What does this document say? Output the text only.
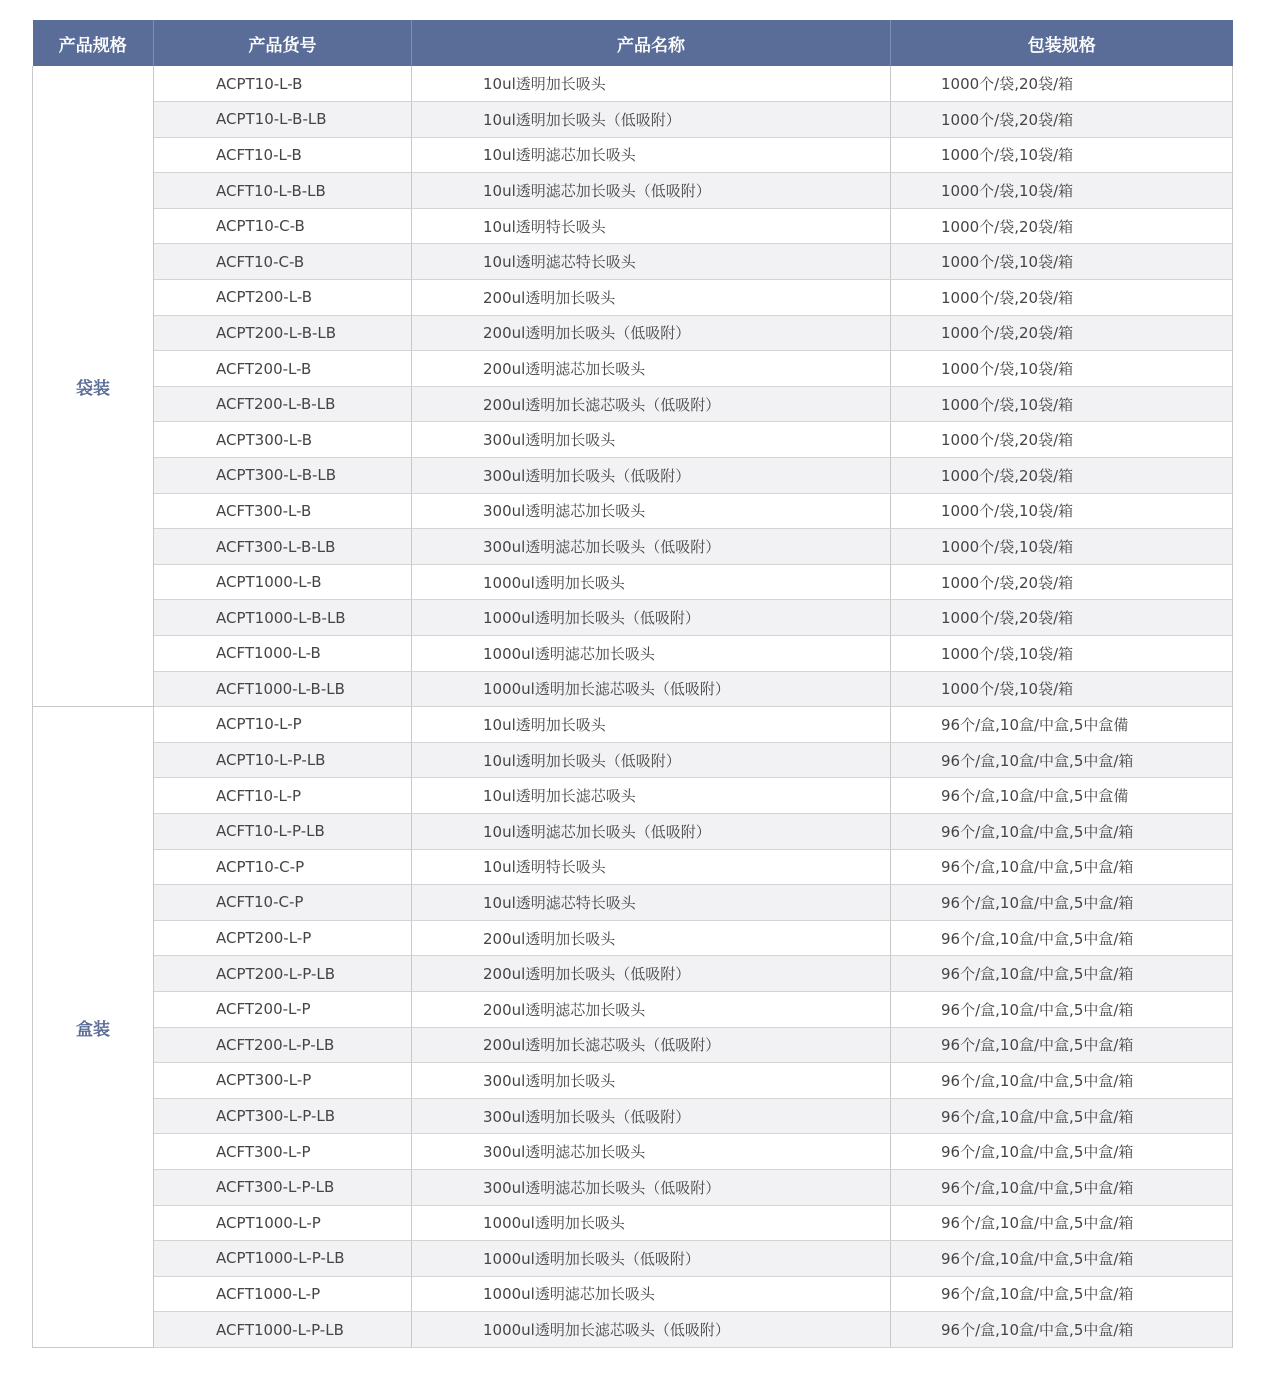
产品规格	产品货号	产品名称	包装规格
袋装	ACPT10-L-B	10ul透明加长吸头	1000个/袋,20袋/箱
	ACPT10-L-B-LB	10ul透明加长吸头（低吸附）	1000个/袋,20袋/箱
	ACFT10-L-B	10ul透明滤芯加长吸头	1000个/袋,10袋/箱
	ACFT10-L-B-LB	10ul透明滤芯加长吸头（低吸附）	1000个/袋,10袋/箱
	ACPT10-C-B	10ul透明特长吸头	1000个/袋,20袋/箱
	ACFT10-C-B	10ul透明滤芯特长吸头	1000个/袋,10袋/箱
	ACPT200-L-B	200ul透明加长吸头	1000个/袋,20袋/箱
	ACPT200-L-B-LB	200ul透明加长吸头（低吸附）	1000个/袋,20袋/箱
	ACFT200-L-B	200ul透明滤芯加长吸头	1000个/袋,10袋/箱
	ACFT200-L-B-LB	200ul透明加长滤芯吸头（低吸附）	1000个/袋,10袋/箱
	ACPT300-L-B	300ul透明加长吸头	1000个/袋,20袋/箱
	ACPT300-L-B-LB	300ul透明加长吸头（低吸附）	1000个/袋,20袋/箱
	ACFT300-L-B	300ul透明滤芯加长吸头	1000个/袋,10袋/箱
	ACFT300-L-B-LB	300ul透明滤芯加长吸头（低吸附）	1000个/袋,10袋/箱
	ACPT1000-L-B	1000ul透明加长吸头	1000个/袋,20袋/箱
	ACPT1000-L-B-LB	1000ul透明加长吸头（低吸附）	1000个/袋,20袋/箱
	ACFT1000-L-B	1000ul透明滤芯加长吸头	1000个/袋,10袋/箱
	ACFT1000-L-B-LB	1000ul透明加长滤芯吸头（低吸附）	1000个/袋,10袋/箱
盒装	ACPT10-L-P	10ul透明加长吸头	96个/盒,10盒/中盒,5中盒備
	ACPT10-L-P-LB	10ul透明加长吸头（低吸附）	96个/盒,10盒/中盒,5中盒/箱
	ACFT10-L-P	10ul透明加长滤芯吸头	96个/盒,10盒/中盒,5中盒備
	ACFT10-L-P-LB	10ul透明滤芯加长吸头（低吸附）	96个/盒,10盒/中盒,5中盒/箱
	ACPT10-C-P	10ul透明特长吸头	96个/盒,10盒/中盒,5中盒/箱
	ACFT10-C-P	10ul透明滤芯特长吸头	96个/盒,10盒/中盒,5中盒/箱
	ACPT200-L-P	200ul透明加长吸头	96个/盒,10盒/中盒,5中盒/箱
	ACPT200-L-P-LB	200ul透明加长吸头（低吸附）	96个/盒,10盒/中盒,5中盒/箱
	ACFT200-L-P	200ul透明滤芯加长吸头	96个/盒,10盒/中盒,5中盒/箱
	ACFT200-L-P-LB	200ul透明加长滤芯吸头（低吸附）	96个/盒,10盒/中盒,5中盒/箱
	ACPT300-L-P	300ul透明加长吸头	96个/盒,10盒/中盒,5中盒/箱
	ACPT300-L-P-LB	300ul透明加长吸头（低吸附）	96个/盒,10盒/中盒,5中盒/箱
	ACFT300-L-P	300ul透明滤芯加长吸头	96个/盒,10盒/中盒,5中盒/箱
	ACFT300-L-P-LB	300ul透明滤芯加长吸头（低吸附）	96个/盒,10盒/中盒,5中盒/箱
	ACPT1000-L-P	1000ul透明加长吸头	96个/盒,10盒/中盒,5中盒/箱
	ACPT1000-L-P-LB	1000ul透明加长吸头（低吸附）	96个/盒,10盒/中盒,5中盒/箱
	ACFT1000-L-P	1000ul透明滤芯加长吸头	96个/盒,10盒/中盒,5中盒/箱
	ACFT1000-L-P-LB	1000ul透明加长滤芯吸头（低吸附）	96个/盒,10盒/中盒,5中盒/箱
